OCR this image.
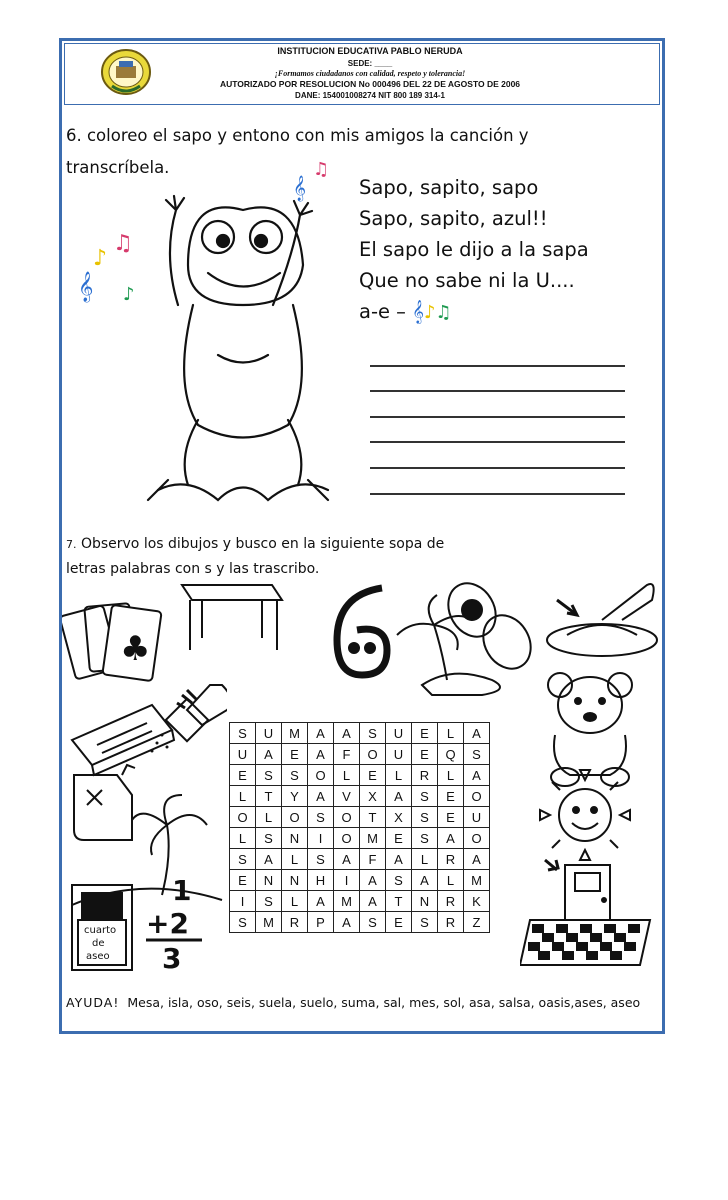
INSTITUCION EDUCATIVA PABLO NERUDA
SEDE: ____
¡Formamos ciudadanos con calidad, respeto y tolerancia!
AUTORIZADO POR RESOLUCION No 000496 DEL 22 DE AGOSTO DE 2006
DANE: 154001008274 NIT 800 189 314-1
6. coloreo el sapo y entono con mis amigos la canción y
transcríbela.
𝄞
♪
♫
♪
𝄞
♫
Sapo, sapito, sapo
Sapo, sapito, azul!!
El sapo le dijo a la sapa
Que no sabe ni la U....
a-e – 𝄞♪♫
7. Observo los dibujos y busco en la siguiente sopa de
letras palabras con s y las trascribo.
♣
cuarto
de
aseo
1
+2
3
S	U	M	A	A	S	U	E	L	A
U	A	E	A	F	O	U	E	Q	S
E	S	S	O	L	E	L	R	L	A
L	T	Y	A	V	X	A	S	E	O
O	L	O	S	O	T	X	S	E	U
L	S	N	I	O	M	E	S	A	O
S	A	L	S	A	F	A	L	R	A
E	N	N	H	I	A	S	A	L	M
I	S	L	A	M	A	T	N	R	K
S	M	R	P	A	S	E	S	R	Z
AYUDA! Mesa, isla, oso, seis, suela, suelo, suma, sal, mes, sol, asa, salsa, oasis,ases, aseo
